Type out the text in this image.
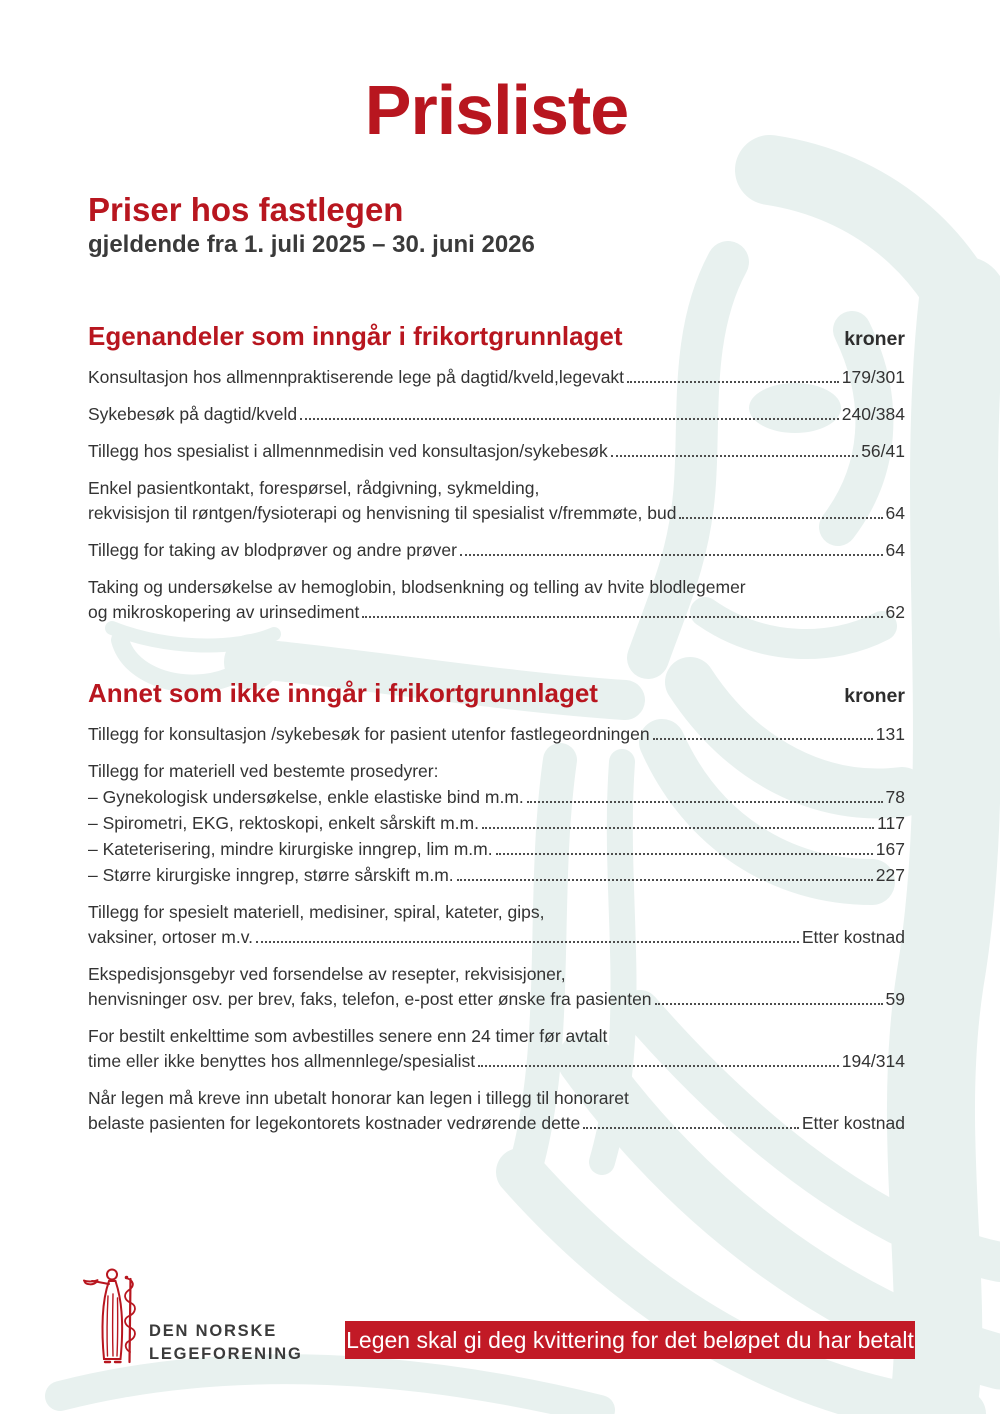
Prisliste
Priser hos fastlegen
gjeldende fra 1. juli 2025 – 30. juni 2026
Egenandeler som inngår i frikortgrunnlaget	kroner
Konsultasjon hos allmennpraktiserende lege på dagtid/kveld,legevakt	179/301
Sykebesøk på dagtid/kveld	240/384
Tillegg hos spesialist i allmennmedisin ved konsultasjon/sykebesøk	56/41
Enkel pasientkontakt, forespørsel, rådgivning, sykmelding,
rekvisisjon til røntgen/fysioterapi og henvisning til spesialist v/fremmøte, bud	64
Tillegg for taking av blodprøver og andre prøver	64
Taking og undersøkelse av hemoglobin, blodsenkning og telling av hvite blodlegemer
og mikroskopering av urinsediment	62
Annet som ikke inngår i frikortgrunnlaget	kroner
Tillegg for konsultasjon /sykebesøk for pasient utenfor fastlegeordningen	131
Tillegg for materiell ved bestemte prosedyrer:
– Gynekologisk undersøkelse, enkle elastiske bind m.m.	78
– Spirometri, EKG, rektoskopi, enkelt sårskift m.m.	117
– Kateterisering, mindre kirurgiske inngrep, lim m.m.	167
– Større kirurgiske inngrep, større sårskift m.m.	227
Tillegg for spesielt materiell, medisiner, spiral, kateter, gips,
vaksiner, ortoser m.v.	Etter kostnad
Ekspedisjonsgebyr ved forsendelse av resepter, rekvisisjoner,
henvisninger osv. per brev, faks, telefon, e-post etter ønske fra pasienten	59
For bestilt enkelttime som avbestilles senere enn 24 timer før avtalt
time eller ikke benyttes hos allmennlege/spesialist	194/314
Når legen må kreve inn ubetalt honorar kan legen i tillegg til honoraret
belaste pasienten for legekontorets kostnader vedrørende dette	Etter kostnad
DEN NORSKE
LEGEFORENING
Legen skal gi deg kvittering for det beløpet du har betalt
